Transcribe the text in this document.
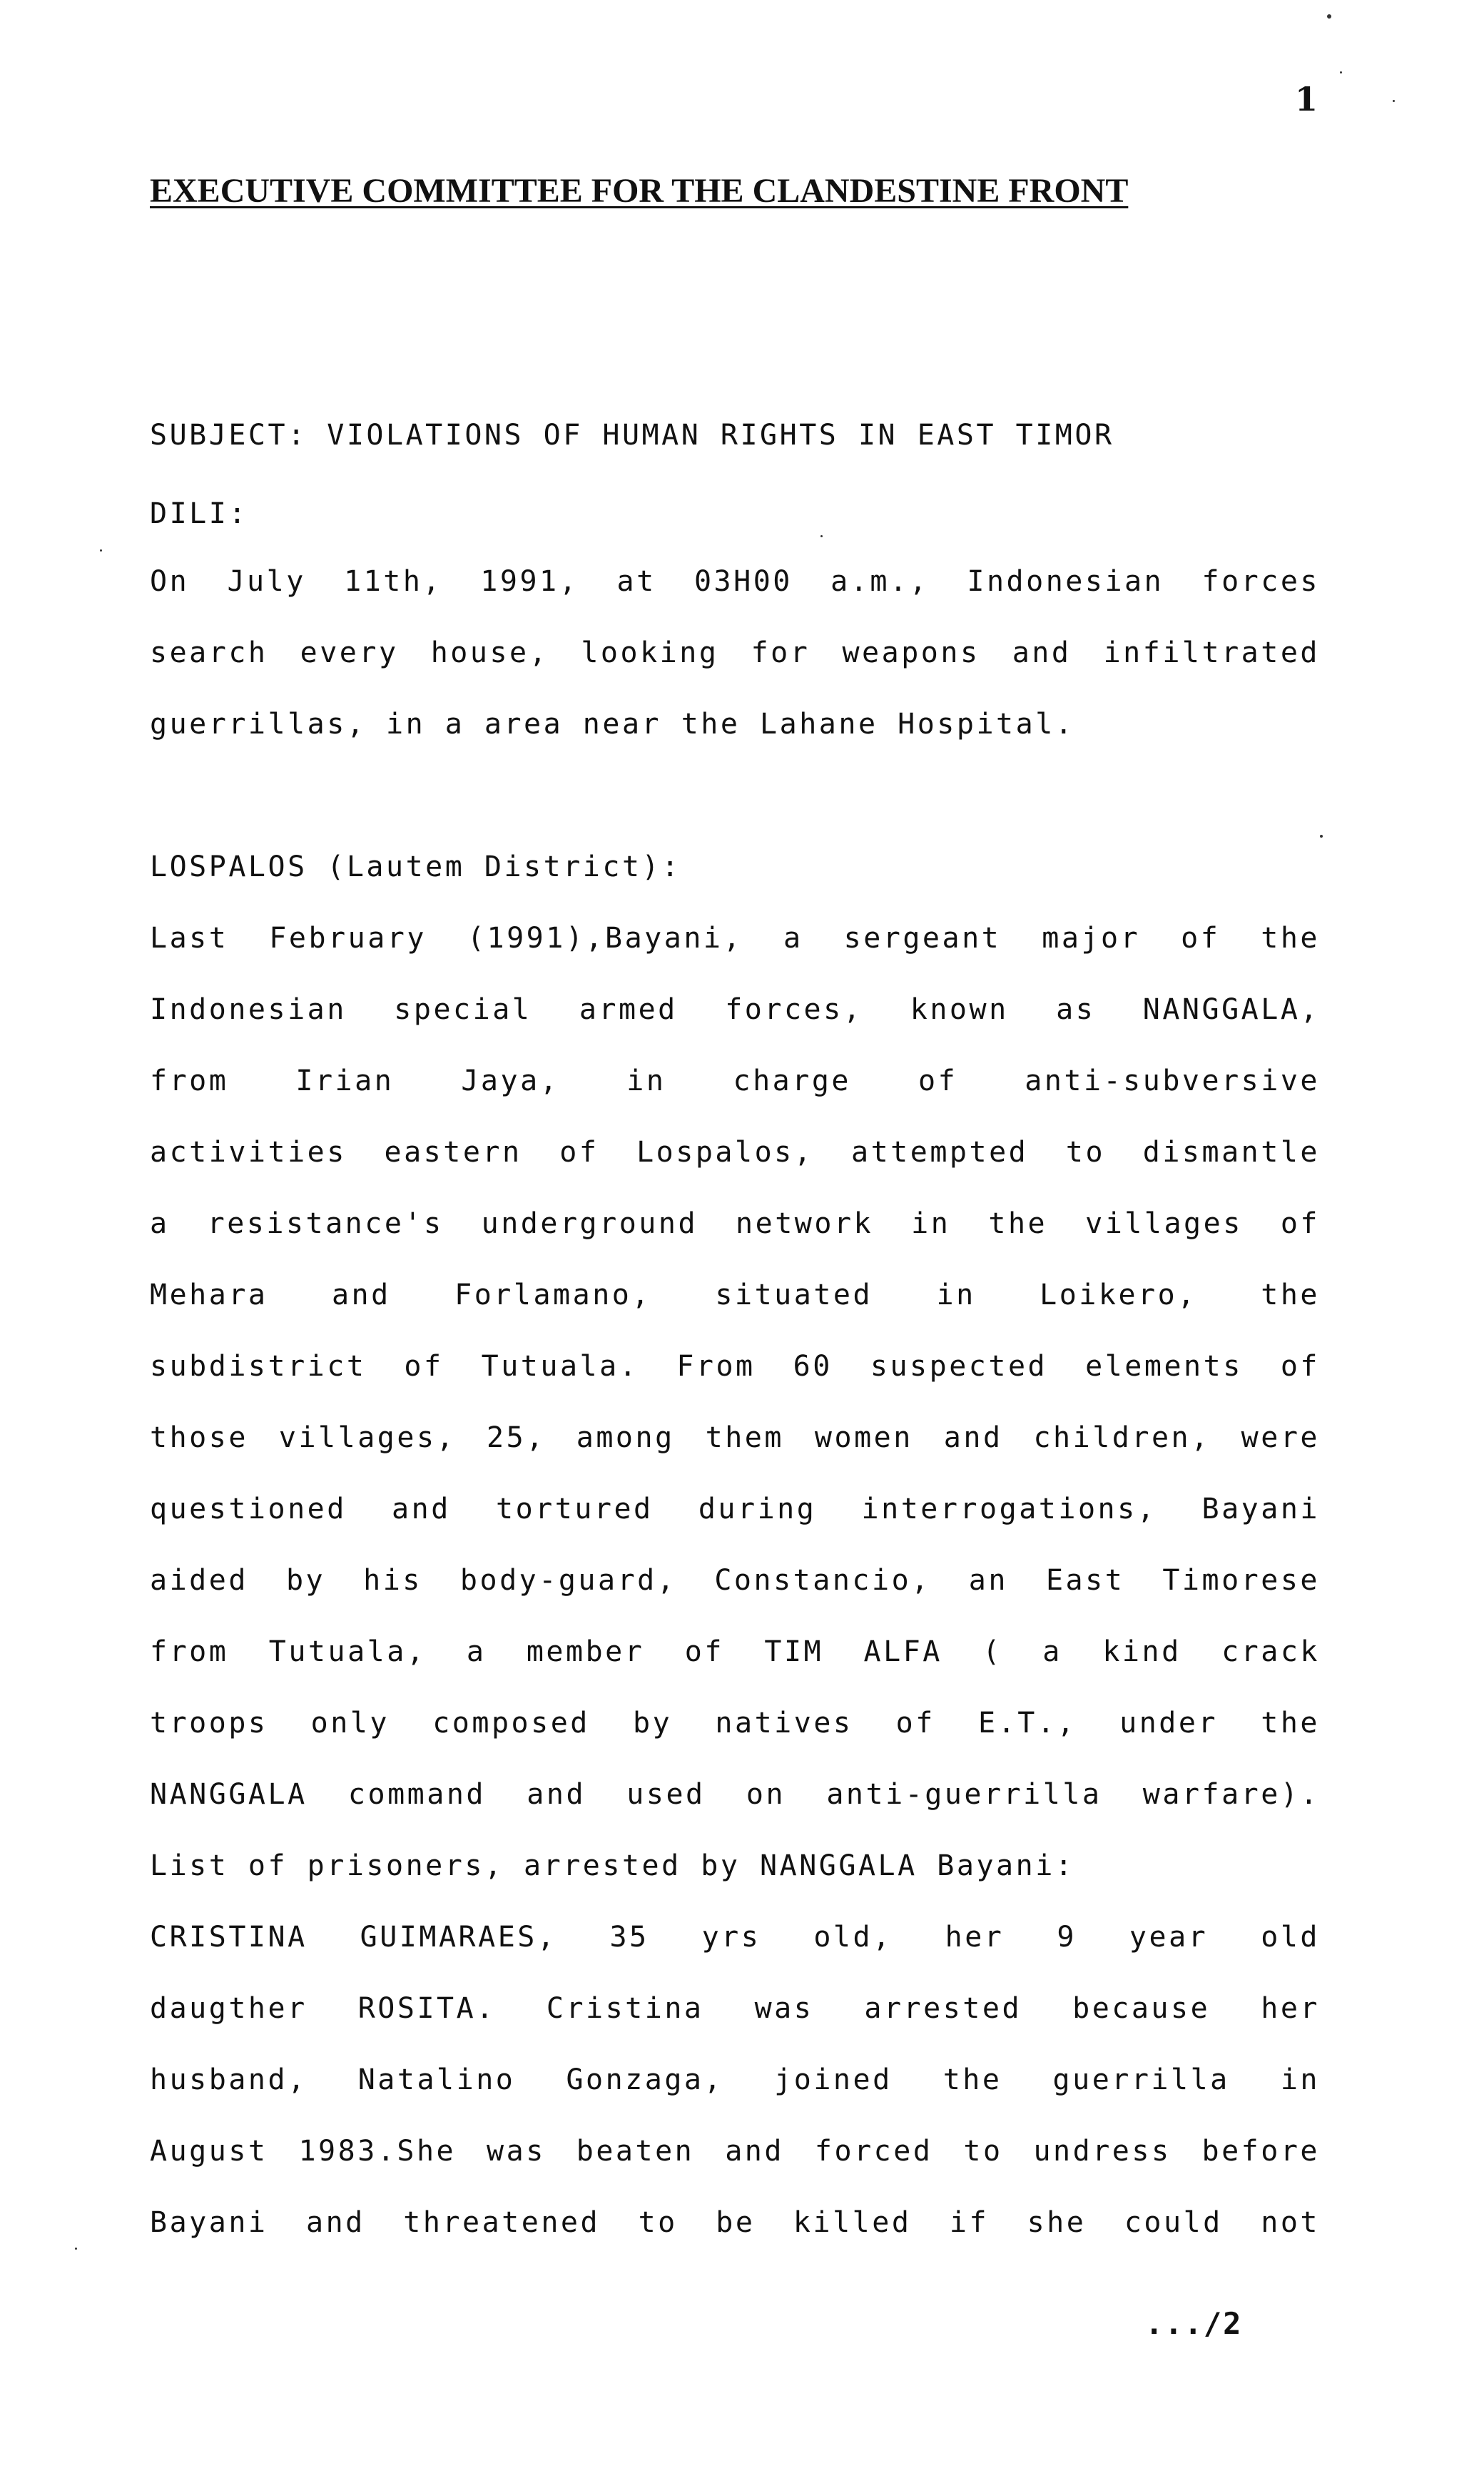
1
EXECUTIVE COMMITTEE FOR THE CLANDESTINE FRONT
SUBJECT: VIOLATIONS OF HUMAN RIGHTS IN EAST TIMOR
DILI:
On July 11th, 1991, at 03H00 a.m., Indonesian forces
search every house, looking for weapons and infiltrated
guerrillas, in a area near the Lahane Hospital.
LOSPALOS (Lautem District):
Last February (1991),Bayani, a sergeant major of the
Indonesian special armed forces, known as NANGGALA,
from Irian Jaya, in charge of anti-subversive
activities eastern of Lospalos, attempted to dismantle
a resistance's underground network in the villages of
Mehara and Forlamano, situated in Loikero, the
subdistrict of Tutuala. From 60 suspected elements of
those villages, 25, among them women and children, were
questioned and tortured during interrogations, Bayani
aided by his body-guard, Constancio, an East Timorese
from Tutuala, a member of TIM ALFA ( a kind crack
troops only composed by natives of E.T., under the
NANGGALA command and used on anti-guerrilla warfare).
List of prisoners, arrested by NANGGALA Bayani:
CRISTINA GUIMARAES, 35 yrs old, her 9 year old
daugther ROSITA. Cristina was arrested because her
husband, Natalino Gonzaga, joined the guerrilla in
August 1983.She was beaten and forced to undress before
Bayani and threatened to be killed if she could not
.../2
